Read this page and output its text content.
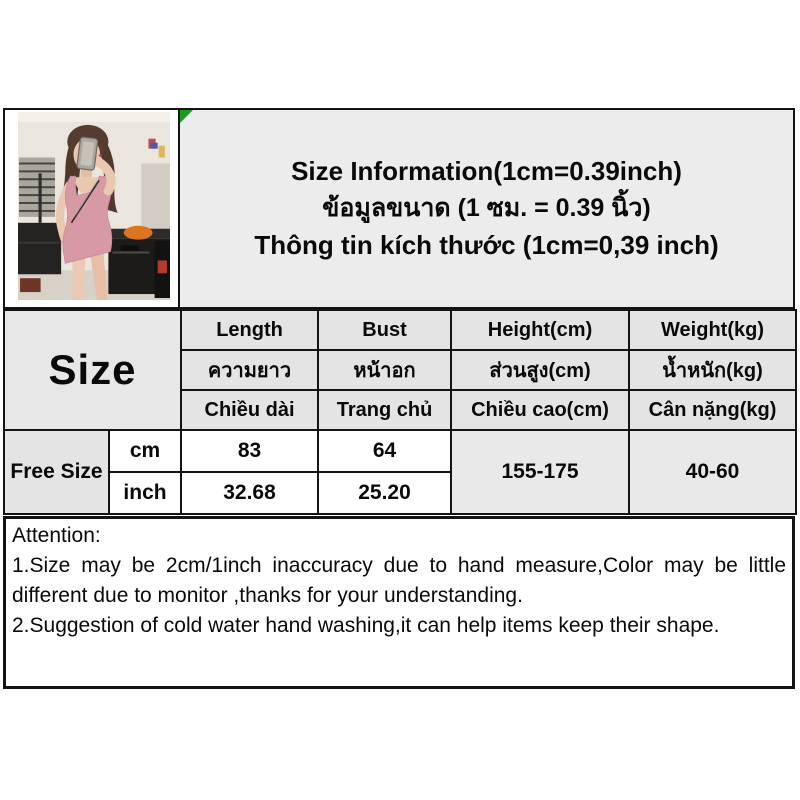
Size Information(1cm=0.39inch)
ข้อมูลขนาด (1 ซม. = 0.39 นิ้ว)
Thông tin kích thước (1cm=0,39 inch)
Size		Length	Bust	Height(cm)	Weight(kg)
		ความยาว	หน้าอก	ส่วนสูง(cm)	น้ำหนัก(kg)
		Chiều dài	Trang chủ	Chiều cao(cm)	Cân nặng(kg)
Free Size	cm	83	64	155-175	40-60
	inch	32.68	25.20		
Attention:
1.Size may be 2cm/1inch inaccuracy due to hand measure,Color may be little
different due to monitor ,thanks for your understanding.
2.Suggestion of cold water hand washing,it can help items keep their shape.
